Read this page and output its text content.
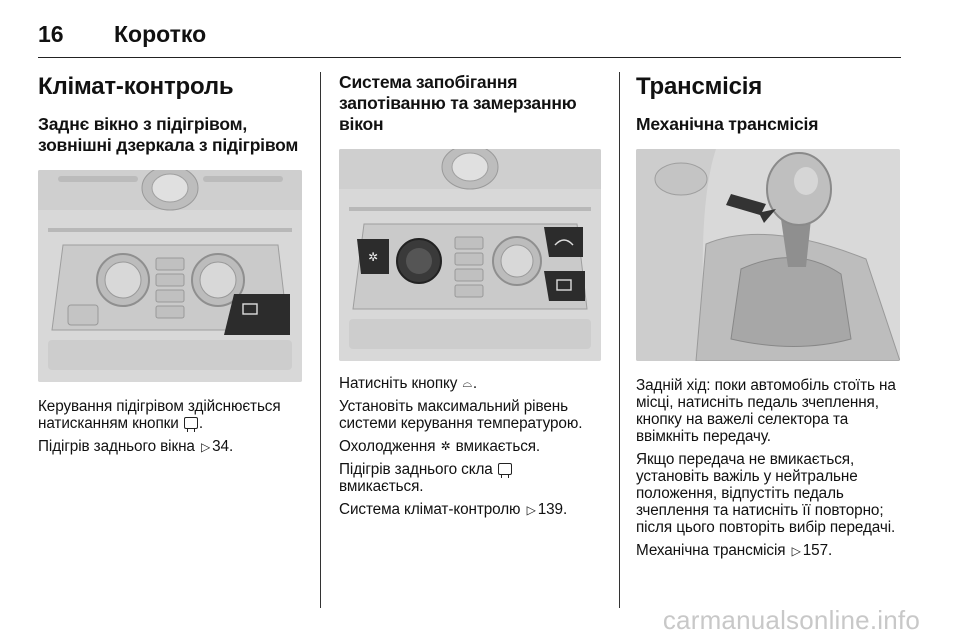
16	Коротко
Клімат-контроль
Заднє вікно з підігрівом, зовнішні дзеркала з підігрівом
Керування підігрівом здійснюється натисканням кнопки .
Підігрів заднього вікна ▷ 34.
Система запобігання запотіванню та замерзанню вікон
✲
Натисніть кнопку ⌓.
Установіть максимальний рівень системи керування температурою.
Охолодження ✲ вмикається.
Підігрів заднього скла
вмикається.
Система клімат-контролю ▷ 139.
Трансмісія
Механічна трансмісія
Задній хід: поки автомобіль стоїть на місці, натисніть педаль зчеплення, кнопку на важелі селектора та ввімкніть передачу.
Якщо передача не вмикається, установіть важіль у нейтральне положення, відпустіть педаль зчеплення та натисніть її повторно; після цього повторіть вибір передачі.
Механічна трансмісія ▷ 157.
carmanualsonline.info
